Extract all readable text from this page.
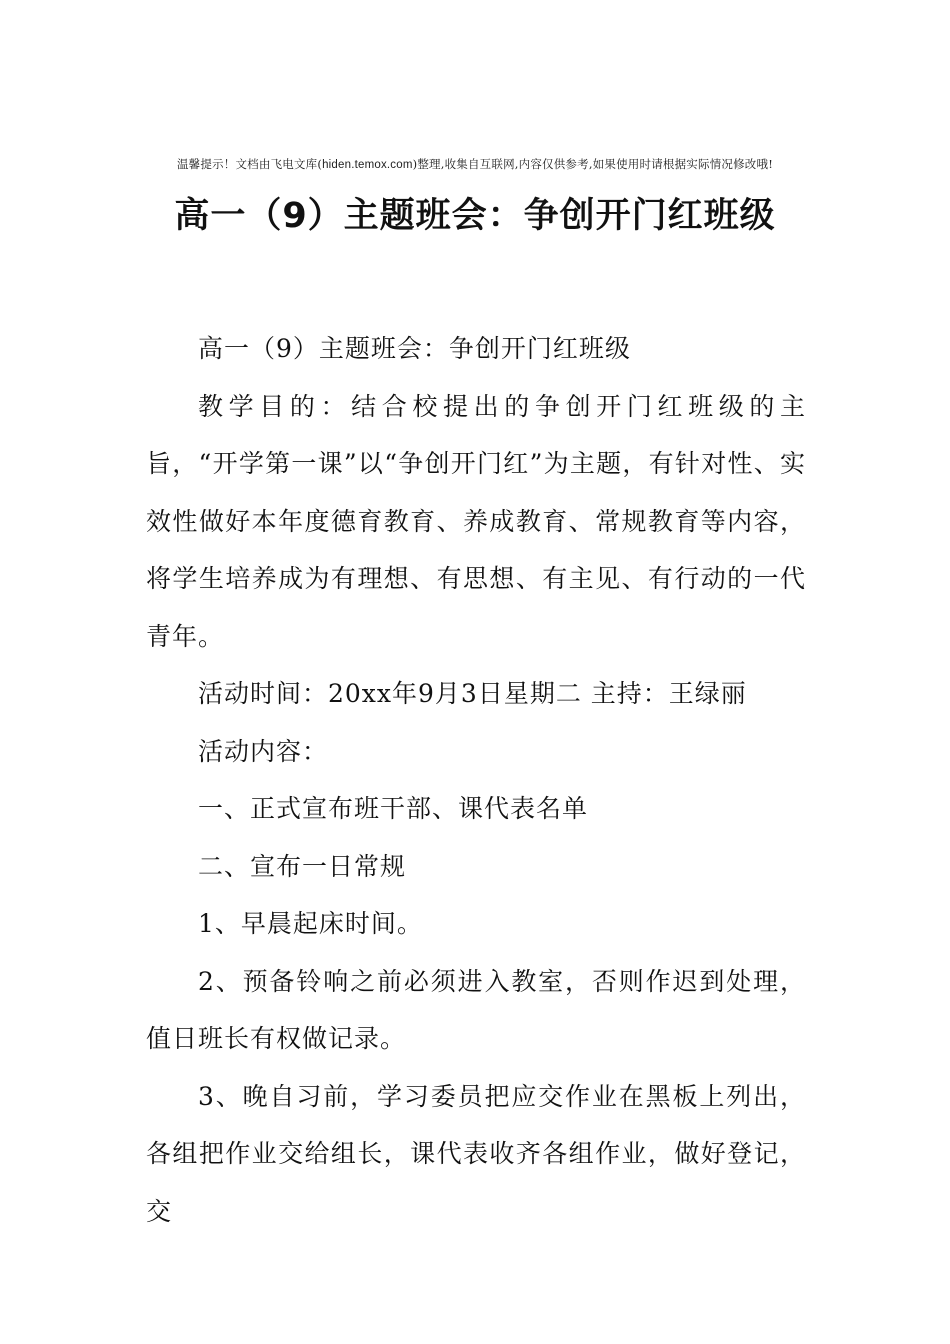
温馨提示！文档由飞电文库(hiden.temox.com)整理,收集自互联网,内容仅供参考,如果使用时请根据实际情况修改哦!
高一（9）主题班会：争创开门红班级

高一（9）主题班会：争创开门红班级

教学目的：结合校提出的争创开门红班级的主旨，“开学第一课”以“争创开门红”为主题，有针对性、实效性做好本年度德育教育、养成教育、常规教育等内容，将学生培养成为有理想、有思想、有主见、有行动的一代青年。

活动时间：20xx年9月3日星期二 主持：王绿丽

活动内容：

一、正式宣布班干部、课代表名单

二、宣布一日常规

1、早晨起床时间。

2、预备铃响之前必须进入教室，否则作迟到处理，值日班长有权做记录。

3、晚自习前，学习委员把应交作业在黑板上列出，各组把作业交给组长，课代表收齐各组作业，做好登记，交
